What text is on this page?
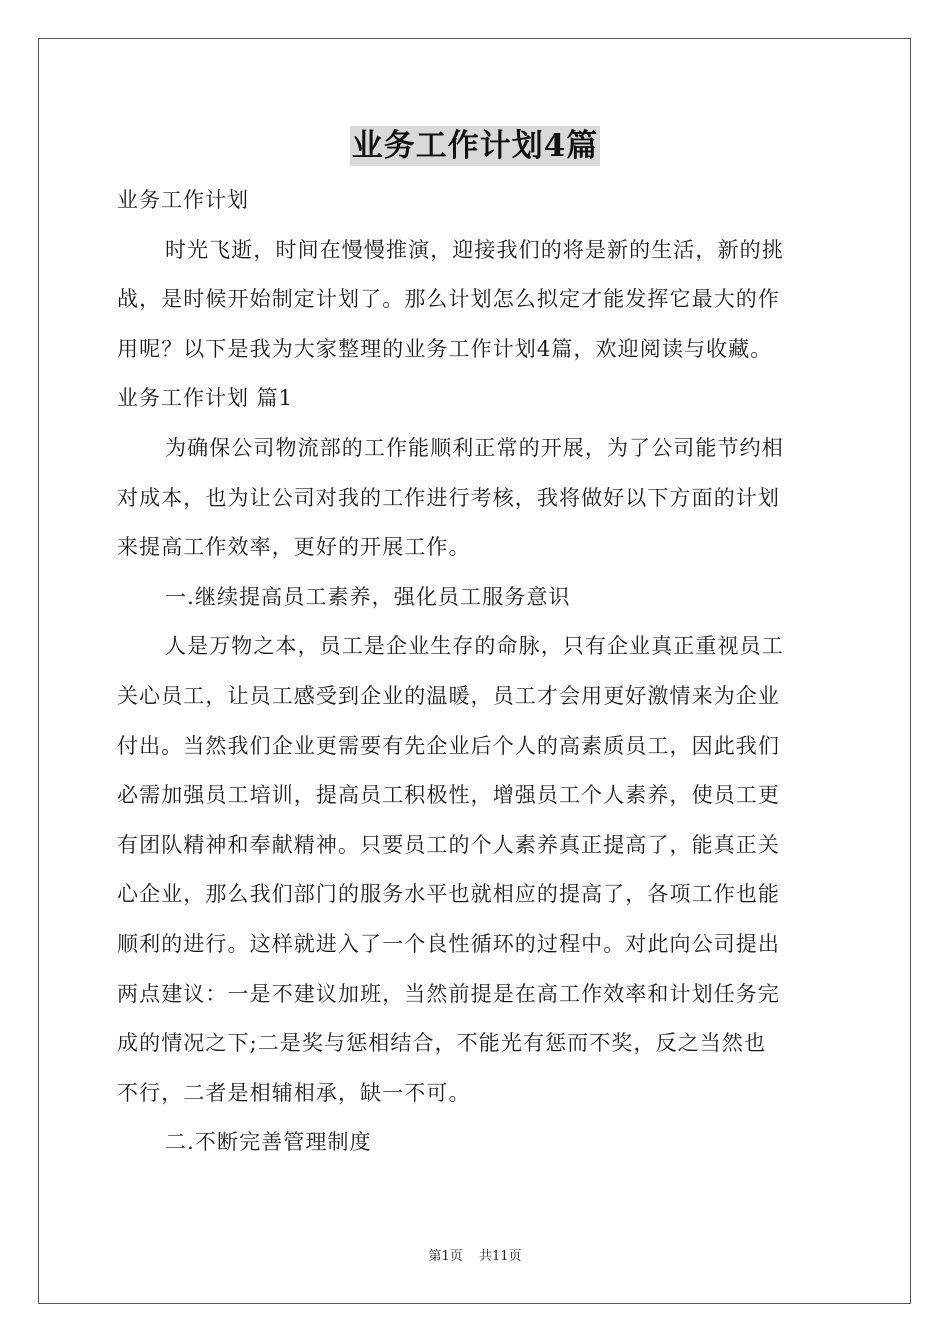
业务工作计划4篇
业务工作计划
时光飞逝，时间在慢慢推演，迎接我们的将是新的生活，新的挑
战，是时候开始制定计划了。那么计划怎么拟定才能发挥它最大的作
用呢？以下是我为大家整理的业务工作计划4篇，欢迎阅读与收藏。
业务工作计划 篇1
为确保公司物流部的工作能顺利正常的开展，为了公司能节约相
对成本，也为让公司对我的工作进行考核，我将做好以下方面的计划
来提高工作效率，更好的开展工作。
一.继续提高员工素养，强化员工服务意识
人是万物之本，员工是企业生存的命脉，只有企业真正重视员工
关心员工，让员工感受到企业的温暖，员工才会用更好激情来为企业
付出。当然我们企业更需要有先企业后个人的高素质员工，因此我们
必需加强员工培训，提高员工积极性，增强员工个人素养，使员工更
有团队精神和奉献精神。只要员工的个人素养真正提高了，能真正关
心企业，那么我们部门的服务水平也就相应的提高了，各项工作也能
顺利的进行。这样就进入了一个良性循环的过程中。对此向公司提出
两点建议：一是不建议加班，当然前提是在高工作效率和计划任务完
成的情况之下;二是奖与惩相结合，不能光有惩而不奖，反之当然也
不行，二者是相辅相承，缺一不可。
二.不断完善管理制度
第1页 共11页
